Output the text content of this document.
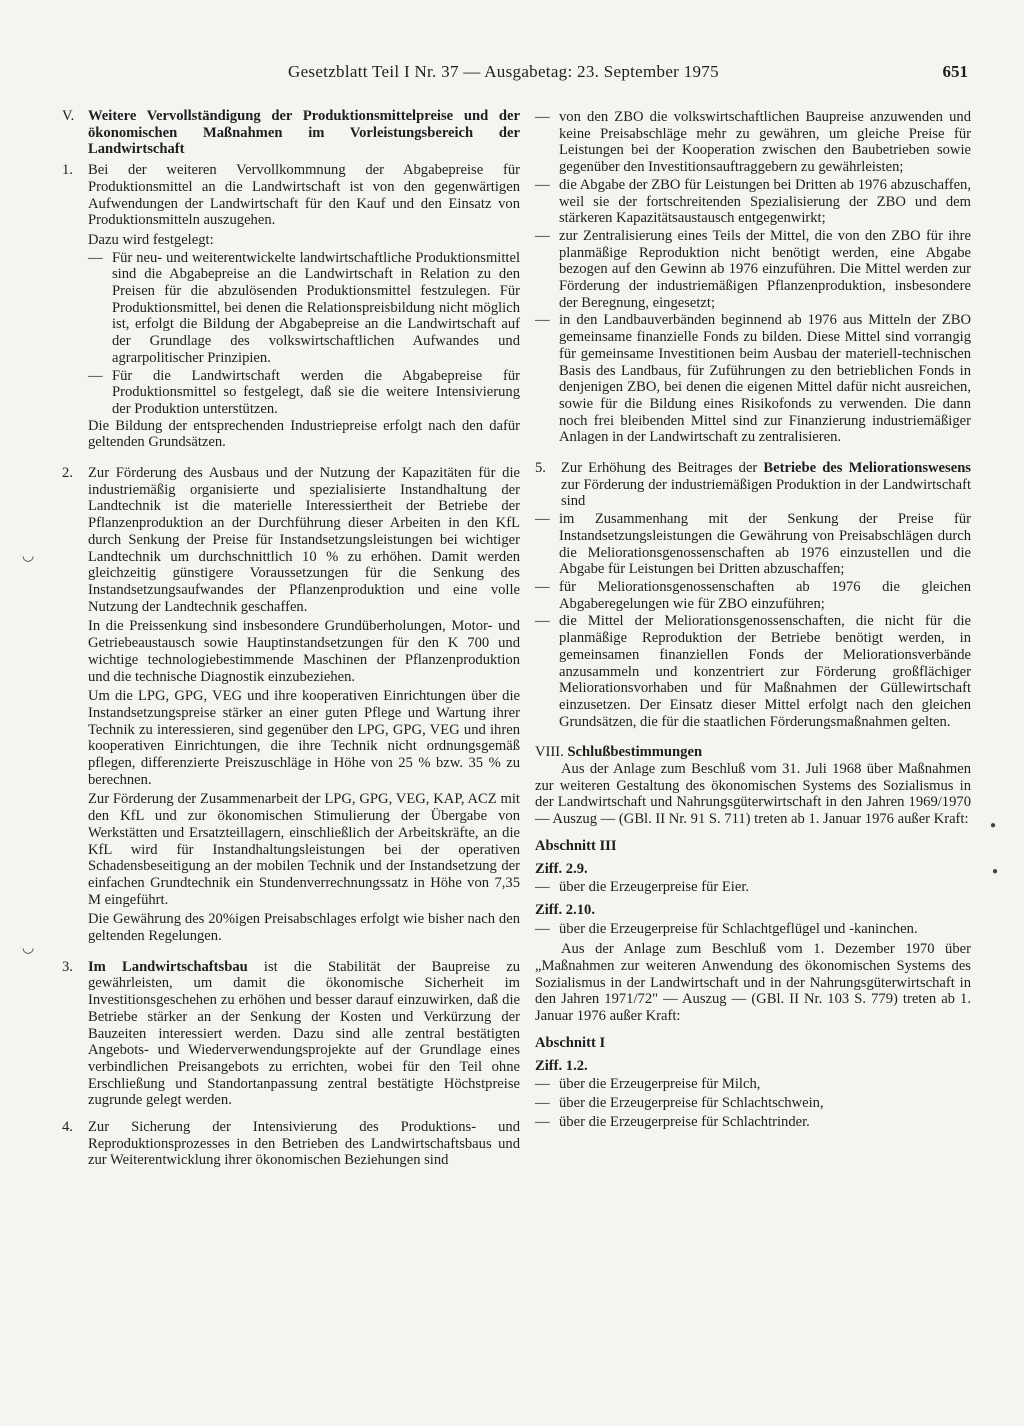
Gesetzblatt Teil I Nr. 37 — Ausgabetag: 23. September 1975	651
◡
◡
●
●
V. Weitere Vervollständigung der Produktionsmittelpreise und der ökonomischen Maßnahmen im Vorleistungsbereich der Landwirtschaft
1.	Bei der weiteren Vervollkommnung der Abgabepreise für Produktionsmittel an die Landwirtschaft ist von den gegenwärtigen Aufwendungen der Landwirtschaft für den Kauf und den Einsatz von Produktionsmitteln auszugehen.

Dazu wird festgelegt:

— Für neu- und weiterentwickelte landwirtschaftliche Produktionsmittel sind die Abgabepreise an die Landwirtschaft in Relation zu den Preisen für die abzulösenden Produktionsmittel festzulegen. Für Produktionsmittel, bei denen die Relationspreisbildung nicht möglich ist, erfolgt die Bildung der Abgabepreise an die Landwirtschaft auf der Grundlage des volkswirtschaftlichen Aufwandes und agrarpolitischer Prinzipien.
— Für die Landwirtschaft werden die Abgabepreise für Produktionsmittel so festgelegt, daß sie die weitere Intensivierung der Produktion unterstützen.

Die Bildung der entsprechenden Industriepreise erfolgt nach den dafür geltenden Grundsätzen.

2.	Zur Förderung des Ausbaus und der Nutzung der Kapazitäten für die industriemäßig organisierte und spezialisierte Instandhaltung der Landtechnik ist die materielle Interessiertheit der Betriebe der Pflanzenproduktion an der Durchführung dieser Arbeiten in den KfL durch Senkung der Preise für Instandsetzungsleistungen bei wichtiger Landtechnik um durchschnittlich 10 % zu erhöhen. Damit werden gleichzeitig günstigere Voraussetzungen für die Senkung des Instandsetzungsaufwandes der Pflanzenproduktion und eine volle Nutzung der Landtechnik geschaffen.

In die Preissenkung sind insbesondere Grundüberholungen, Motor- und Getriebeaustausch sowie Hauptinstandsetzungen für den K 700 und wichtige technologiebestimmende Maschinen der Pflanzenproduktion und die technische Diagnostik einzubeziehen.

Um die LPG, GPG, VEG und ihre kooperativen Einrichtungen über die Instandsetzungspreise stärker an einer guten Pflege und Wartung ihrer Technik zu interessieren, sind gegenüber den LPG, GPG, VEG und ihren kooperativen Einrichtungen, die ihre Technik nicht ordnungsgemäß pflegen, differenzierte Preiszuschläge in Höhe von 25 % bzw. 35 % zu berechnen.

Zur Förderung der Zusammenarbeit der LPG, GPG, VEG, KAP, ACZ mit den KfL und zur ökonomischen Stimulierung der Übergabe von Werkstätten und Ersatzteillagern, einschließlich der Arbeitskräfte, an die KfL wird für Instandhaltungsleistungen bei der operativen Schadensbeseitigung an der mobilen Technik und der Instandsetzung der einfachen Grundtechnik ein Stundenverrechnungssatz in Höhe von 7,35 M eingeführt.

Die Gewährung des 20%igen Preisabschlages erfolgt wie bisher nach den geltenden Regelungen.

3.	Im Landwirtschaftsbau ist die Stabilität der Baupreise zu gewährleisten, um damit die ökonomische Sicherheit im Investitionsgeschehen zu erhöhen und besser darauf einzuwirken, daß die Betriebe stärker an der Senkung der Kosten und Verkürzung der Bauzeiten interessiert werden. Dazu sind alle zentral bestätigten Angebots- und Wiederverwendungsprojekte auf der Grundlage eines verbindlichen Preisangebots zu errichten, wobei für den Teil ohne Erschließung und Standortanpassung zentral bestätigte Höchstpreise zugrunde gelegt werden.

4.	Zur Sicherung der Intensivierung des Produktions- und Reproduktionsprozesses in den Betrieben des Landwirtschaftsbaus und zur Weiterentwicklung ihrer ökonomischen Beziehungen sind

— von den ZBO die volkswirtschaftlichen Baupreise anzuwenden und keine Preisabschläge mehr zu gewähren, um gleiche Preise für Leistungen bei der Kooperation zwischen den Baubetrieben sowie gegenüber den Investitionsauftraggebern zu gewährleisten;
— die Abgabe der ZBO für Leistungen bei Dritten ab 1976 abzuschaffen, weil sie der fortschreitenden Spezialisierung der ZBO und dem stärkeren Kapazitätsaustausch entgegenwirkt;
— zur Zentralisierung eines Teils der Mittel, die von den ZBO für ihre planmäßige Reproduktion nicht benötigt werden, eine Abgabe bezogen auf den Gewinn ab 1976 einzuführen. Die Mittel werden zur Förderung der industriemäßigen Pflanzenproduktion, insbesondere der Beregnung, eingesetzt;
— in den Landbauverbänden beginnend ab 1976 aus Mitteln der ZBO gemeinsame finanzielle Fonds zu bilden. Diese Mittel sind vorrangig für gemeinsame Investitionen beim Ausbau der materiell-technischen Basis des Landbaus, für Zuführungen zu den betrieblichen Fonds in denjenigen ZBO, bei denen die eigenen Mittel dafür nicht ausreichen, sowie für die Bildung eines Risikofonds zu verwenden. Die dann noch frei bleibenden Mittel sind zur Finanzierung industriemäßiger Anlagen in der Landwirtschaft zu zentralisieren.
5.	Zur Erhöhung des Beitrages der Betriebe des Meliorationswesens zur Förderung der industriemäßigen Produktion in der Landwirtschaft sind

— im Zusammenhang mit der Senkung der Preise für Instandsetzungsleistungen die Gewährung von Preisabschlägen durch die Meliorationsgenossenschaften ab 1976 einzustellen und die Abgabe für Leistungen bei Dritten abzuschaffen;
— für Meliorationsgenossenschaften ab 1976 die gleichen Abgaberegelungen wie für ZBO einzuführen;
— die Mittel der Meliorationsgenossenschaften, die nicht für die planmäßige Reproduktion der Betriebe benötigt werden, in gemeinsamen finanziellen Fonds der Meliorationsverbände anzusammeln und konzentriert zur Förderung großflächiger Meliorationsvorhaben und für Maßnahmen der Güllewirtschaft einzusetzen. Der Einsatz dieser Mittel erfolgt nach den gleichen Grundsätzen, die für die staatlichen Förderungsmaßnahmen gelten.
VIII. Schlußbestimmungen

Aus der Anlage zum Beschluß vom 31. Juli 1968 über Maßnahmen zur weiteren Gestaltung des ökonomischen Systems des Sozialismus in der Landwirtschaft und Nahrungsgüterwirtschaft in den Jahren 1969/1970 — Auszug — (GBl. II Nr. 91 S. 711) treten ab 1. Januar 1976 außer Kraft:

Abschnitt III
Ziff. 2.9.
— über die Erzeugerpreise für Eier.
Ziff. 2.10.
— über die Erzeugerpreise für Schlachtgeflügel und -kaninchen.

Aus der Anlage zum Beschluß vom 1. Dezember 1970 über „Maßnahmen zur weiteren Anwendung des ökonomischen Systems des Sozialismus in der Landwirtschaft und in der Nahrungsgüterwirtschaft in den Jahren 1971/72" — Auszug — (GBl. II Nr. 103 S. 779) treten ab 1. Januar 1976 außer Kraft:

Abschnitt I
Ziff. 1.2.
— über die Erzeugerpreise für Milch,
— über die Erzeugerpreise für Schlachtschwein,
— über die Erzeugerpreise für Schlachtrinder.
